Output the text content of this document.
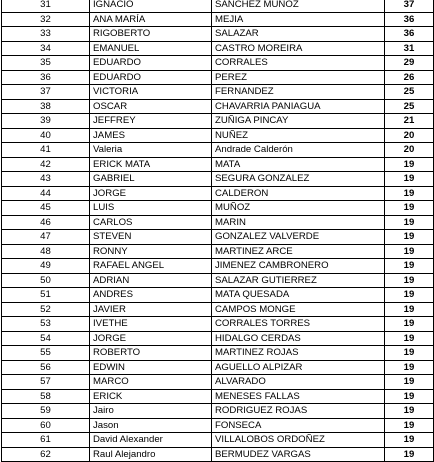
31	IGNACIO	SANCHEZ MUÑOZ	37
32	ANA MARÍA	MEJIA	36
33	RIGOBERTO	SALAZAR	36
34	EMANUEL	CASTRO MOREIRA	31
35	EDUARDO	CORRALES	29
36	EDUARDO	PEREZ	26
37	VICTORIA	FERNANDEZ	25
38	OSCAR	CHAVARRIA PANIAGUA	25
39	JEFFREY	ZUÑIGA PINCAY	21
40	JAMES	NUÑEZ	20
41	Valeria	Andrade Calderón	20
42	ERICK MATA	MATA	19
43	GABRIEL	SEGURA GONZALEZ	19
44	JORGE	CALDERON	19
45	LUIS	MUÑOZ	19
46	CARLOS	MARIN	19
47	STEVEN	GONZALEZ VALVERDE	19
48	RONNY	MARTINEZ ARCE	19
49	RAFAEL ANGEL	JIMENEZ CAMBRONERO	19
50	ADRIAN	SALAZAR GUTIERREZ	19
51	ANDRES	MATA QUESADA	19
52	JAVIER	CAMPOS MONGE	19
53	IVETHE	CORRALES TORRES	19
54	JORGE	HIDALGO CERDAS	19
55	ROBERTO	MARTINEZ ROJAS	19
56	EDWIN	AGUELLO ALPIZAR	19
57	MARCO	ALVARADO	19
58	ERICK	MENESES FALLAS	19
59	Jairo	RODRIGUEZ ROJAS	19
60	Jason	FONSECA	19
61	David Alexander	VILLALOBOS ORDOÑEZ	19
62	Raul Alejandro	BERMUDEZ VARGAS	19
